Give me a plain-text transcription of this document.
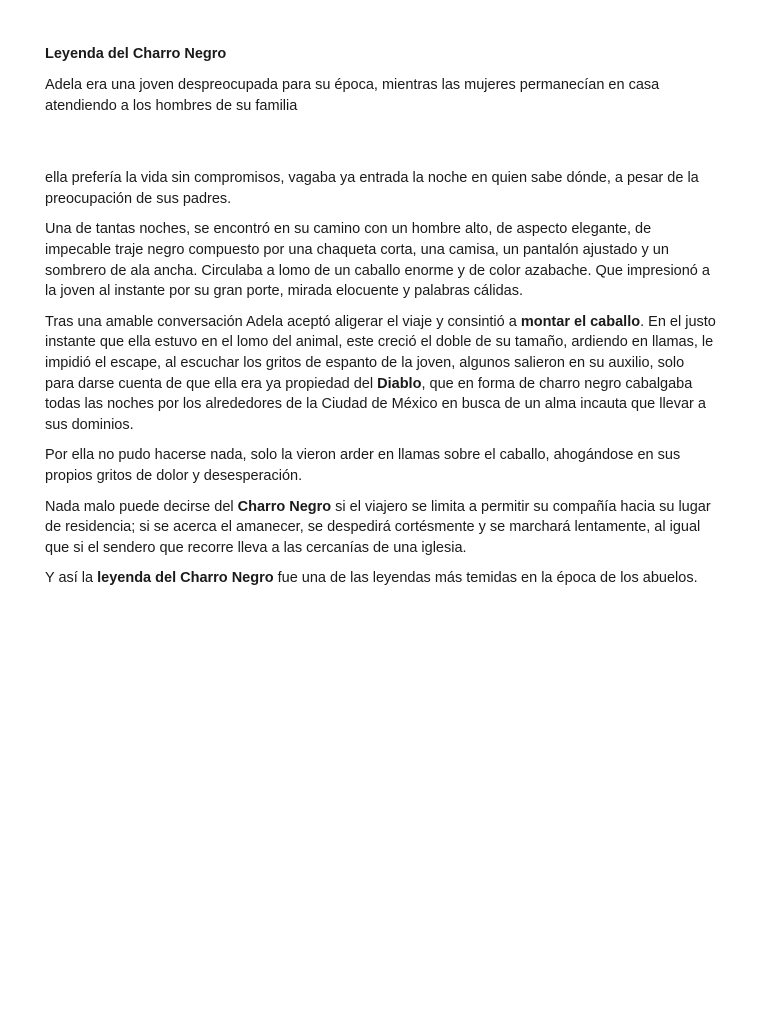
Leyenda del Charro Negro

Adela era una joven despreocupada para su época, mientras las mujeres permanecían en casa atendiendo a los hombres de su familia

ella prefería la vida sin compromisos, vagaba ya entrada la noche en quien sabe dónde, a pesar de la preocupación de sus padres.

Una de tantas noches, se encontró en su camino con un hombre alto, de aspecto elegante, de impecable traje negro compuesto por una chaqueta corta, una camisa, un pantalón ajustado y un sombrero de ala ancha. Circulaba a lomo de un caballo enorme y de color azabache. Que impresionó a la joven al instante por su gran porte, mirada elocuente y palabras cálidas.

Tras una amable conversación Adela aceptó aligerar el viaje y consintió a montar el caballo. En el justo instante que ella estuvo en el lomo del animal, este creció el doble de su tamaño, ardiendo en llamas, le impidió el escape, al escuchar los gritos de espanto de la joven, algunos salieron en su auxilio, solo para darse cuenta de que ella era ya propiedad del Diablo, que en forma de charro negro cabalgaba todas las noches por los alrededores de la Ciudad de México en busca de un alma incauta que llevar a sus dominios.

Por ella no pudo hacerse nada, solo la vieron arder en llamas sobre el caballo, ahogándose en sus propios gritos de dolor y desesperación.

Nada malo puede decirse del Charro Negro si el viajero se limita a permitir su compañía hacia su lugar de residencia; si se acerca el amanecer, se despedirá cortésmente y se marchará lentamente, al igual que si el sendero que recorre lleva a las cercanías de una iglesia.

Y así la leyenda del Charro Negro fue una de las leyendas más temidas en la época de los abuelos.
